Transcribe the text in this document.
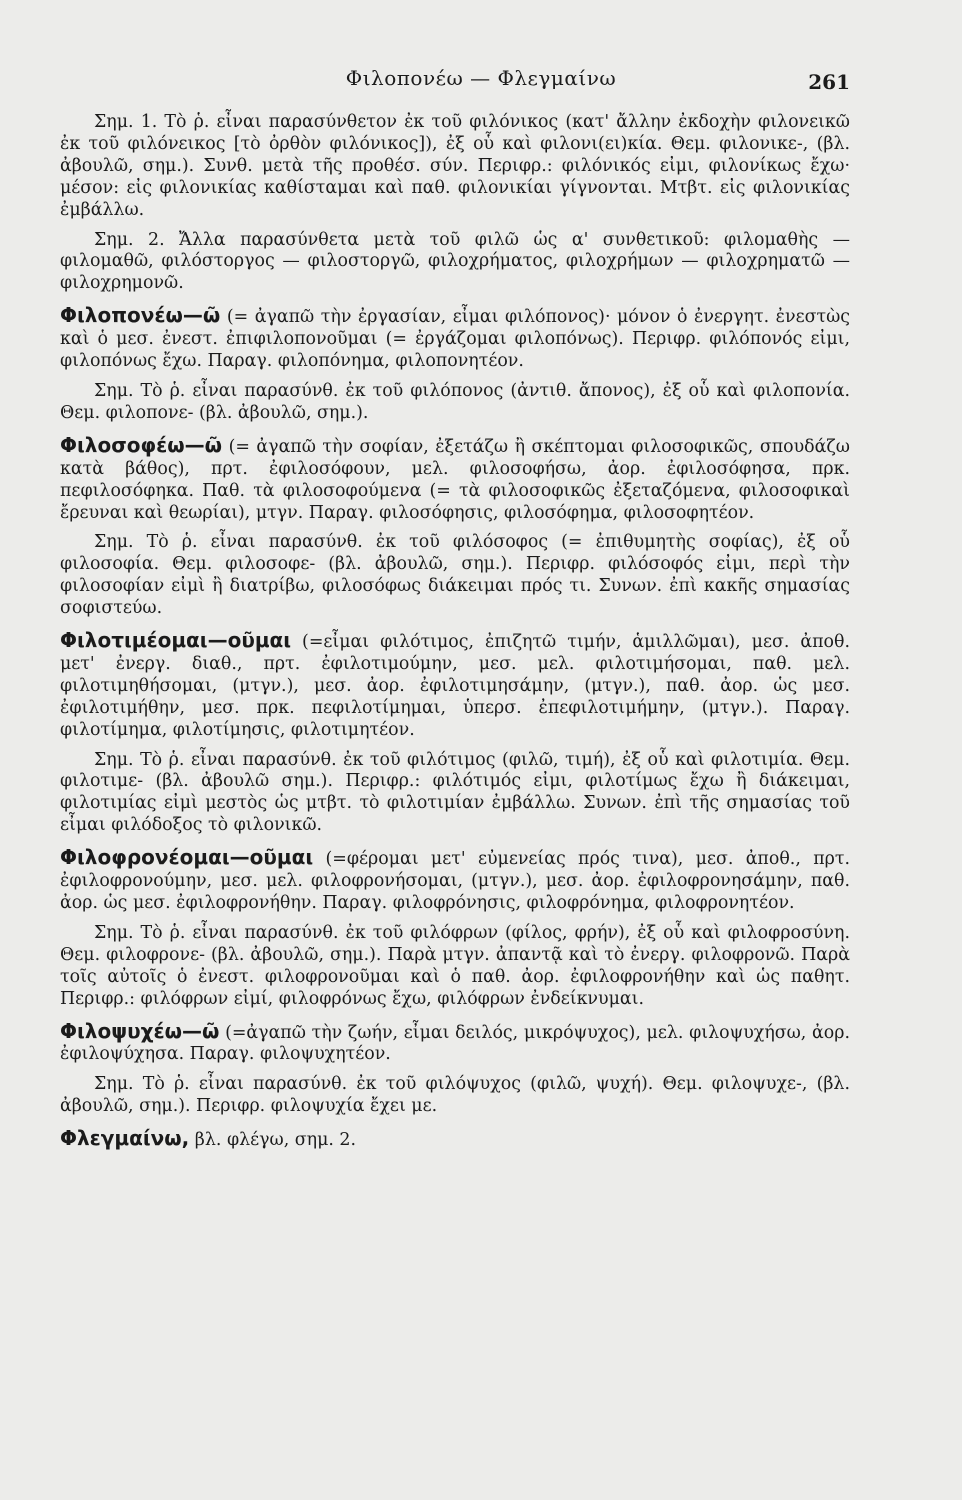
Φιλοπονέω — Φλεγμαίνω	261

Σημ. 1. Τὸ ῥ. εἶναι παρασύνθετον ἐκ τοῦ φιλόνικος (κατ' ἄλλην ἐκδοχὴν φιλονεικῶ ἐκ τοῦ φιλόνεικος [τὸ ὀρθὸν φιλόνικος]), ἐξ οὗ καὶ φιλονι(ει)κία. Θεμ. φιλονικε-, (βλ. ἀβουλῶ, σημ.). Συνθ. μετὰ τῆς προθέσ. σύν. Περιφρ.: φιλόνικός εἰμι, φιλονίκως ἔχω· μέσον: εἰς φιλονικίας καθίσταμαι καὶ παθ. φιλονικίαι γίγνονται. Μτβτ. εἰς φιλονικίας ἐμβάλλω.

Σημ. 2. Ἄλλα παρασύνθετα μετὰ τοῦ φιλῶ ὡς α' συνθετικοῦ: φιλομαθὴς — φιλομαθῶ, φιλόστοργος — φιλοστοργῶ, φιλοχρήματος, φιλοχρήμων — φιλοχρηματῶ — φιλοχρημονῶ.

Φιλοπονέω—ῶ (= ἀγαπῶ τὴν ἐργασίαν, εἶμαι φιλόπονος)· μόνον ὁ ἐνεργητ. ἐνεστὼς καὶ ὁ μεσ. ἐνεστ. ἐπιφιλοπονοῦμαι (= ἐργάζομαι φιλοπόνως). Περιφρ. φιλόπονός εἰμι, φιλοπόνως ἔχω. Παραγ. φιλοπόνημα, φιλοπονητέον.

Σημ. Τὸ ῥ. εἶναι παρασύνθ. ἐκ τοῦ φιλόπονος (ἀντιθ. ἄπονος), ἐξ οὗ καὶ φιλοπονία. Θεμ. φιλοπονε- (βλ. ἀβουλῶ, σημ.).

Φιλοσοφέω—ῶ (= ἀγαπῶ τὴν σοφίαν, ἐξετάζω ἢ σκέπτομαι φιλοσοφικῶς, σπουδάζω κατὰ βάθος), πρτ. ἐφιλοσόφουν, μελ. φιλοσοφήσω, ἀορ. ἐφιλοσόφησα, πρκ. πεφιλοσόφηκα. Παθ. τὰ φιλοσοφούμενα (= τὰ φιλοσοφικῶς ἐξεταζόμενα, φιλοσοφικαὶ ἔρευναι καὶ θεωρίαι), μτγν. Παραγ. φιλοσόφησις, φιλοσόφημα, φιλοσοφητέον.

Σημ. Τὸ ῥ. εἶναι παρασύνθ. ἐκ τοῦ φιλόσοφος (= ἐπιθυμητὴς σοφίας), ἐξ οὗ φιλοσοφία. Θεμ. φιλοσοφε- (βλ. ἀβουλῶ, σημ.). Περιφρ. φιλόσοφός εἰμι, περὶ τὴν φιλοσοφίαν εἰμὶ ἢ διατρίβω, φιλοσόφως διάκειμαι πρός τι. Συνων. ἐπὶ κακῆς σημασίας σοφιστεύω.

Φιλοτιμέομαι—οῦμαι (=εἶμαι φιλότιμος, ἐπιζητῶ τιμήν, ἁμιλλῶμαι), μεσ. ἀποθ. μετ' ἐνεργ. διαθ., πρτ. ἐφιλοτιμούμην, μεσ. μελ. φιλοτιμήσομαι, παθ. μελ. φιλοτιμηθήσομαι, (μτγν.), μεσ. ἀορ. ἐφιλοτιμησάμην, (μτγν.), παθ. ἀορ. ὡς μεσ. ἐφιλοτιμήθην, μεσ. πρκ. πεφιλοτίμημαι, ὑπερσ. ἐπεφιλοτιμήμην, (μτγν.). Παραγ. φιλοτίμημα, φιλοτίμησις, φιλοτιμητέον.

Σημ. Τὸ ῥ. εἶναι παρασύνθ. ἐκ τοῦ φιλότιμος (φιλῶ, τιμή), ἐξ οὗ καὶ φιλοτιμία. Θεμ. φιλοτιμε- (βλ. ἀβουλῶ σημ.). Περιφρ.: φιλότιμός εἰμι, φιλοτίμως ἔχω ἢ διάκειμαι, φιλοτιμίας εἰμὶ μεστὸς ὡς μτβτ. τὸ φιλοτιμίαν ἐμβάλλω. Συνων. ἐπὶ τῆς σημασίας τοῦ εἶμαι φιλόδοξος τὸ φιλονικῶ.

Φιλοφρονέομαι—οῦμαι (=φέρομαι μετ' εὐμενείας πρός τινα), μεσ. ἀποθ., πρτ. ἐφιλοφρονούμην, μεσ. μελ. φιλοφρονήσομαι, (μτγν.), μεσ. ἀορ. ἐφιλοφρονησάμην, παθ. ἀορ. ὡς μεσ. ἐφιλοφρονήθην. Παραγ. φιλοφρόνησις, φιλοφρόνημα, φιλοφρονητέον.

Σημ. Τὸ ῥ. εἶναι παρασύνθ. ἐκ τοῦ φιλόφρων (φίλος, φρήν), ἐξ οὗ καὶ φιλοφροσύνη. Θεμ. φιλοφρονε- (βλ. ἀβουλῶ, σημ.). Παρὰ μτγν. ἀπαντᾷ καὶ τὸ ἐνεργ. φιλοφρονῶ. Παρὰ τοῖς αὐτοῖς ὁ ἐνεστ. φιλοφρονοῦμαι καὶ ὁ παθ. ἀορ. ἐφιλοφρονήθην καὶ ὡς παθητ. Περιφρ.: φιλόφρων εἰμί, φιλοφρόνως ἔχω, φιλόφρων ἐνδείκνυμαι.

Φιλοψυχέω—ῶ (=ἀγαπῶ τὴν ζωήν, εἶμαι δειλός, μικρόψυχος), μελ. φιλοψυχήσω, ἀορ. ἐφιλοψύχησα. Παραγ. φιλοψυχητέον.

Σημ. Τὸ ῥ. εἶναι παρασύνθ. ἐκ τοῦ φιλόψυχος (φιλῶ, ψυχή). Θεμ. φιλοψυχε-, (βλ. ἀβουλῶ, σημ.). Περιφρ. φιλοψυχία ἔχει με.

Φλεγμαίνω, βλ. φλέγω, σημ. 2.
